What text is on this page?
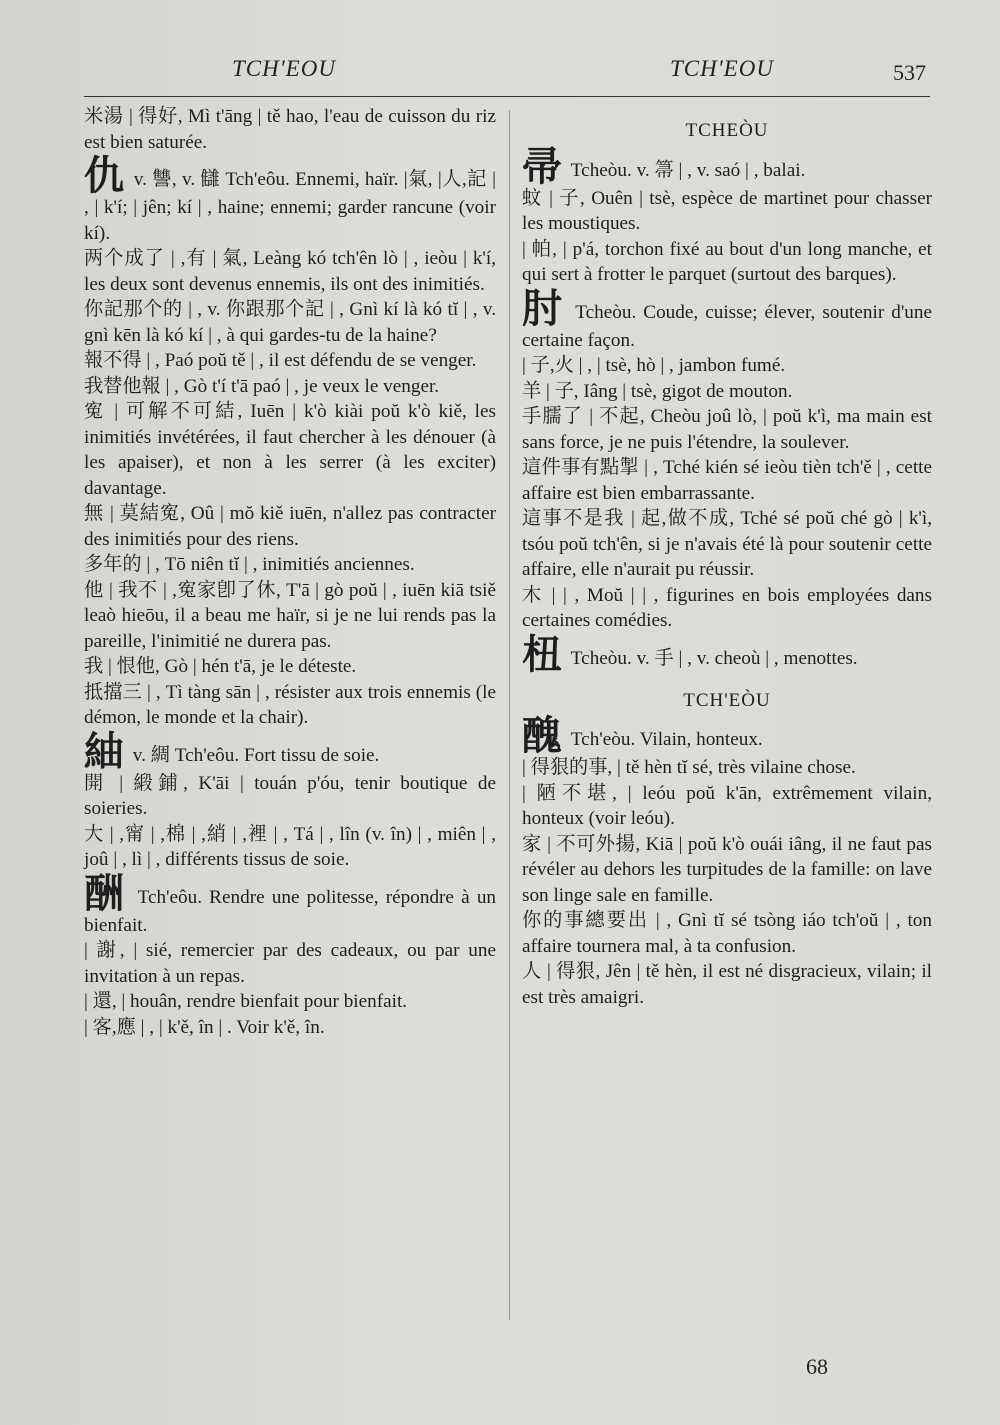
TCH'EOU	TCH'EOU	537

米湯 | 得好, Mì t'āng | tě hao, l'eau de cuisson du riz est bien saturée.

仇 v. 讐, v. 讎 Tch'eôu. Ennemi, haïr. |氣, |人,記 | , | k'í; | jên; kí | , haine; ennemi; garder rancune (voir kí).

两个成了 | ,有 | 氣, Leàng kó tch'ên lò | , ieòu | k'í, les deux sont devenus ennemis, ils ont des inimitiés.

你記那个的 | , v. 你跟那个記 | , Gnì kí là kó tĭ | , v. gnì kēn là kó kí | , à qui gardes-tu de la haine?

報不得 | , Paó poŭ tě | , il est défendu de se venger.

我替他報 | , Gò t'í t'ā paó | , je veux le venger.

寃 | 可解不可結, Iuēn | k'ò kiài poŭ k'ò kiě, les inimitiés invétérées, il faut chercher à les dénouer (à les apaiser), et non à les serrer (à les exciter) davantage.

無 | 莫結寃, Oû | mŏ kiě iuēn, n'allez pas contracter des inimitiés pour des riens.

多年的 | , Tō niên tĭ | , inimitiés anciennes.

他 | 我不 | ,寃家卽了休, T'ā | gò poŭ | , iuēn kiā tsiě leaò hieōu, il a beau me haïr, si je ne lui rends pas la pareille, l'inimitié ne durera pas.

我 | 恨他, Gò | hén t'ā, je le déteste.

抵擋三 | , Tì tàng sān | , résister aux trois ennemis (le démon, le monde et la chair).

紬 v. 綢 Tch'eôu. Fort tissu de soie.

開 | 緞鋪, K'āi | touán p'óu, tenir boutique de soieries.

大 | ,甯 | ,棉 | ,綃 | ,裡 | , Tá | , lîn (v. în) | , miên | , joû | , lì | , différents tissus de soie.

酬 Tch'eôu. Rendre une politesse, répondre à un bienfait.

| 謝, | sié, remercier par des cadeaux, ou par une invitation à un repas.

| 還, | houân, rendre bienfait pour bienfait.

| 客,應 | , | k'ě, în | . Voir k'ě, în.

TCHEÒU

帚 Tcheòu. v. 箒 | , v. saó | , balai.

蚊 | 子, Ouên | tsè, espèce de martinet pour chasser les moustiques.

| 帕, | p'á, torchon fixé au bout d'un long manche, et qui sert à frotter le parquet (surtout des barques).

肘 Tcheòu. Coude, cuisse; élever, soutenir d'une certaine façon.

| 子,火 | , | tsè, hò | , jambon fumé.

羊 | 子, Iâng | tsè, gigot de mouton.

手臑了 | 不起, Cheòu joû lò, | poŭ k'ì, ma main est sans force, je ne puis l'étendre, la soulever.

這件事有點掣 | , Tché kién sé ieòu tièn tch'ě | , cette affaire est bien embarrassante.

這事不是我 | 起,做不成, Tché sé poŭ ché gò | k'ì, tsóu poŭ tch'ên, si je n'avais été là pour soutenir cette affaire, elle n'aurait pu réussir.

木 | | , Moŭ | | , figurines en bois employées dans certaines comédies.

杻 Tcheòu. v. 手 | , v. cheoù | , menottes.

TCH'EÒU

醜 Tch'eòu. Vilain, honteux.

| 得狠的事, | tě hèn tĭ sé, très vilaine chose.

| 陋不堪, | leóu poŭ k'ān, extrêmement vilain, honteux (voir leóu).

家 | 不可外揚, Kiā | poŭ k'ò ouái iâng, il ne faut pas révéler au dehors les turpitudes de la famille: on lave son linge sale en famille.

你的事總要出 | , Gnì tĭ sé tsòng iáo tch'oŭ | , ton affaire tournera mal, à ta confusion.

人 | 得狠, Jên | tě hèn, il est né disgracieux, vilain; il est très amaigri.

68
